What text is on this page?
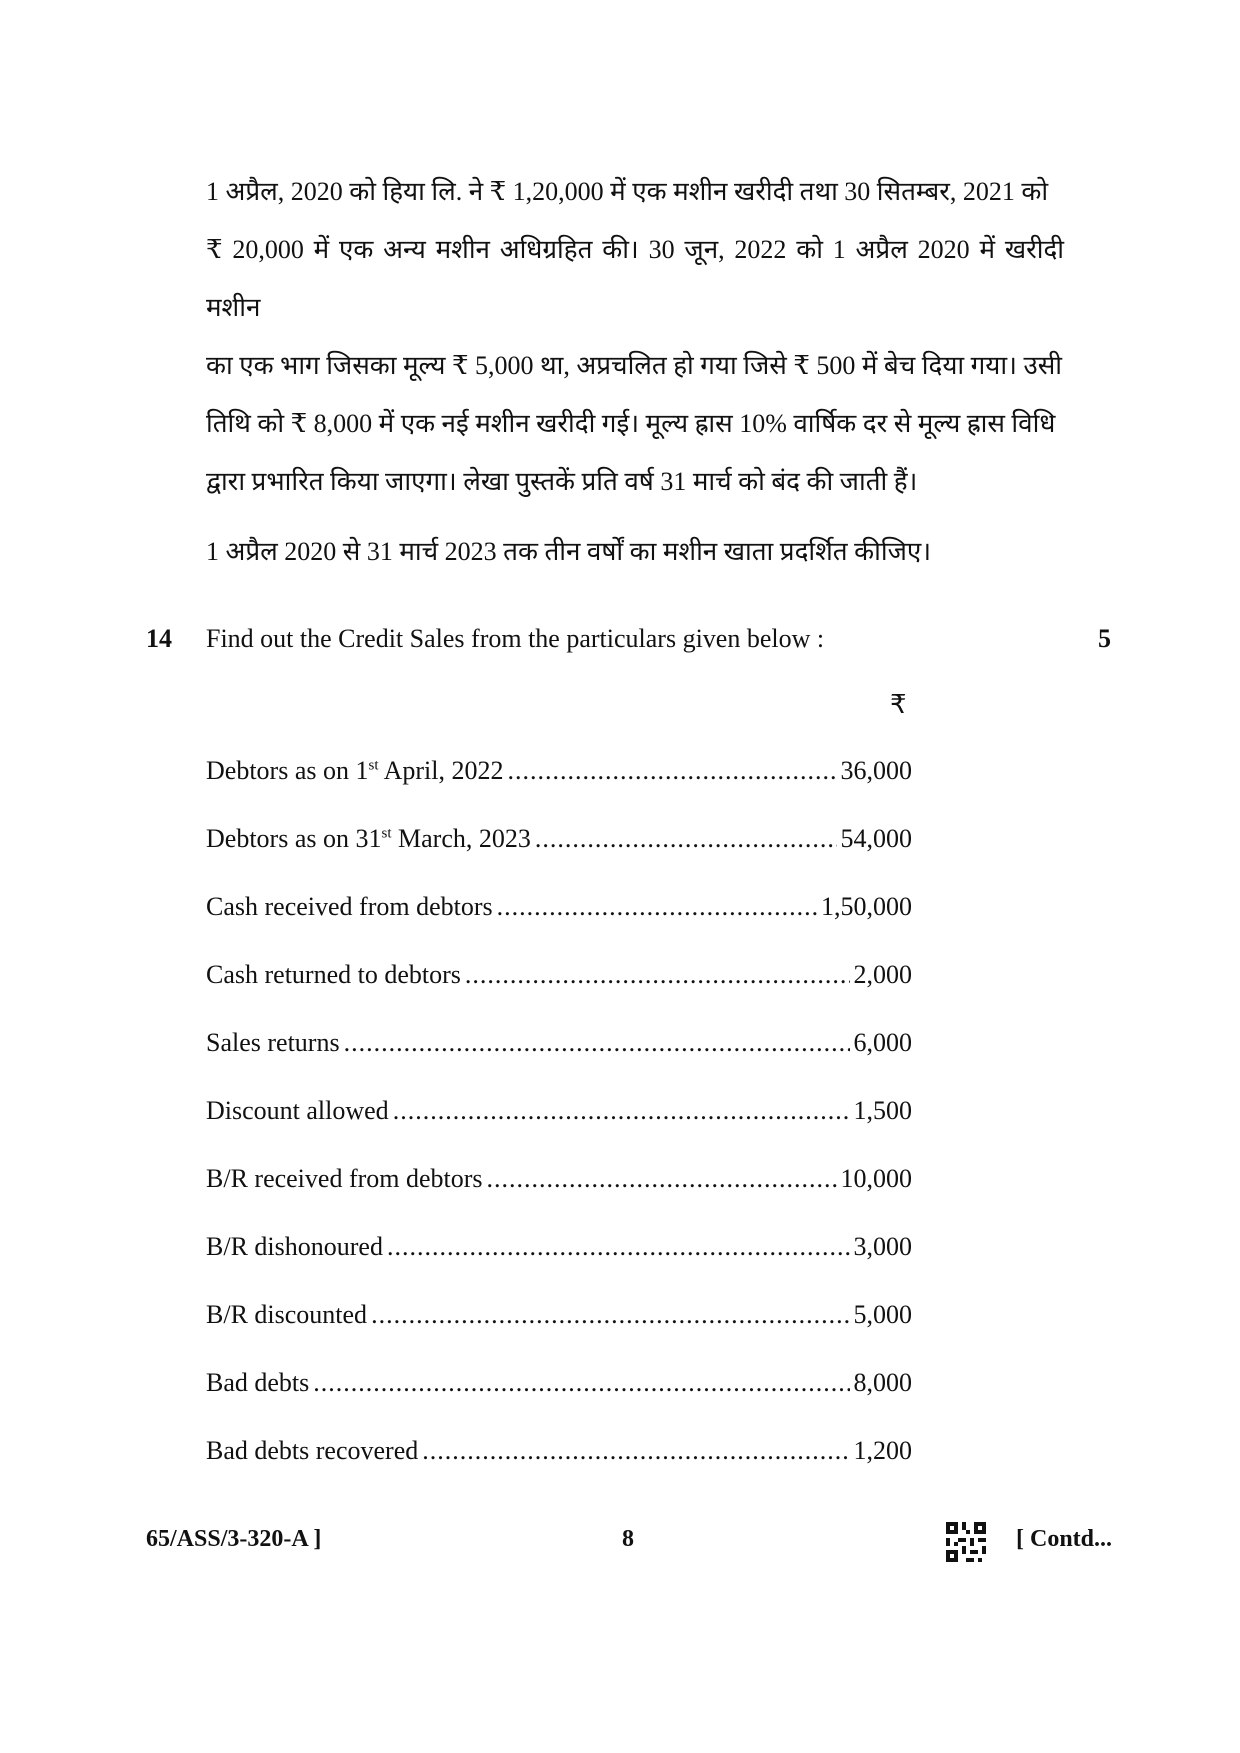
1 अप्रैल, 2020 को हिया लि. ने ₹ 1,20,000 में एक मशीन खरीदी तथा 30 सितम्बर, 2021 को

₹ 20,000 में एक अन्य मशीन अधिग्रहित की। 30 जून, 2022 को 1 अप्रैल 2020 में खरीदी मशीन

का एक भाग जिसका मूल्य ₹ 5,000 था, अप्रचलित हो गया जिसे ₹ 500 में बेच दिया गया। उसी

तिथि को ₹ 8,000 में एक नई मशीन खरीदी गई। मूल्य ह्रास 10% वार्षिक दर से मूल्य ह्रास विधि

द्वारा प्रभारित किया जाएगा। लेखा पुस्तकें प्रति वर्ष 31 मार्च को बंद की जाती हैं।

1 अप्रैल 2020 से 31 मार्च 2023 तक तीन वर्षों का मशीन खाता प्रदर्शित कीजिए।

14 Find out the Credit Sales from the particulars given below :	5
₹
Debtors as on 1st April, 2022 .....	36,000
Debtors as on 31st March, 2023 .....	54,000
Cash received from debtors .....	1,50,000
Cash returned to debtors .....	2,000
Sales returns .....	6,000
Discount allowed .....	1,500
B/R received from debtors .....	10,000
B/R dishonoured .....	3,000
B/R discounted .....	5,000
Bad debts .....	8,000
Bad debts recovered .....	1,200
65/ASS/3-320-A ]	8	[ Contd...
